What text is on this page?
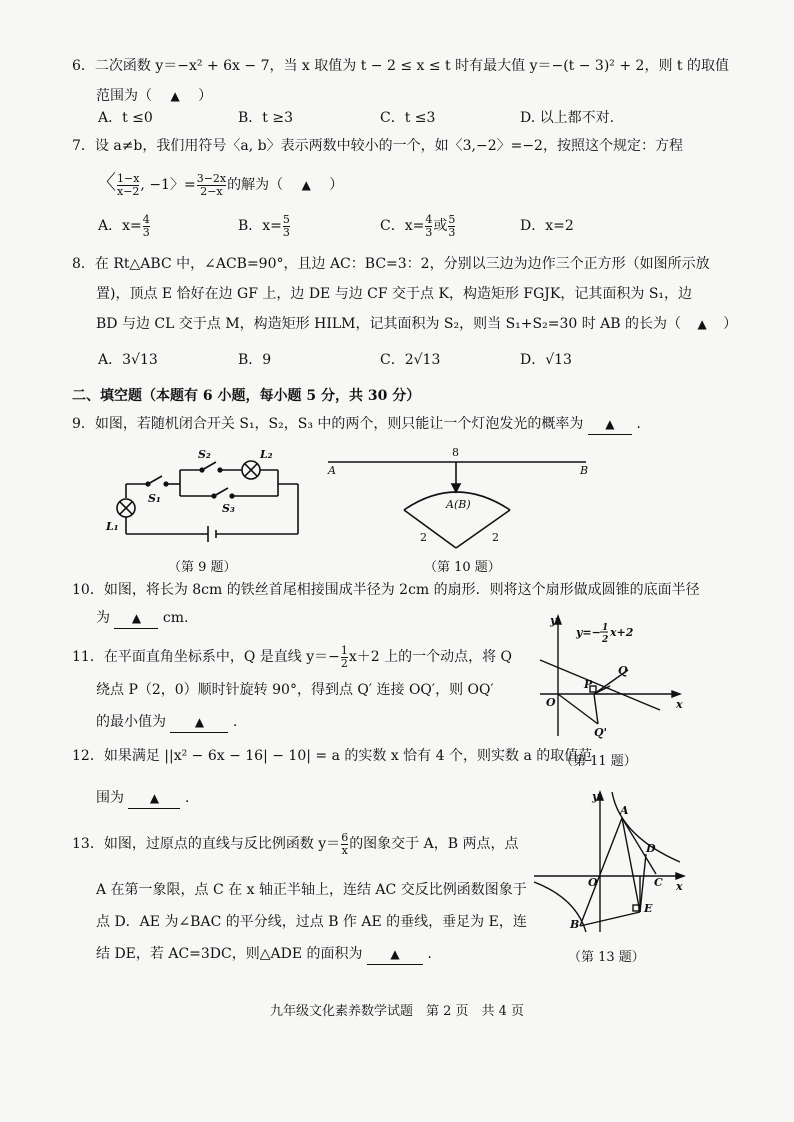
6．二次函数 y＝−x² + 6x − 7，当 x 取值为 t − 2 ≤ x ≤ t 时有最大值 y＝−(t − 3)² + 2，则 t 的取值
范围为（ ▲ ）
A．t ≤0	B．t ≥3	C．t ≤3	D. 以上都不对.
7．设 a≠b，我们用符号〈a, b〉表示两数中较小的一个，如〈3,−2〉=−2，按照这个规定：方程
〈 $\frac{1-x}{x-2}$ , −1〉= $\frac{3-2x}{2-x}$ 的解为（ ▲ ）
A．$x= \frac{4}{3}$	B．$x= \frac{5}{3}$	C．$x= \frac{4}{3}$ 或 $\frac{5}{3}$	D．x=2
8．在 Rt△ABC 中，∠ACB=90°，且边 AC：BC=3：2，分别以三边为边作三个正方形（如图所示放
置)，顶点 E 恰好在边 GF 上，边 DE 与边 CF 交于点 K，构造矩形 FGJK，记其面积为 S₁，边
BD 与边 CL 交于点 M，构造矩形 HILM，记其面积为 S₂，则当 S₁+S₂=30 时 AB 的长为（ ▲ ）
A．3√13	B．9	C．2√13	D．√13
二、填空题（本题有 6 小题，每小题 5 分，共 30 分）
9．如图，若随机闭合开关 S₁，S₂，S₃ 中的两个，则只能让一个灯泡发光的概率为 ▲ .
S₂	L₂
S₁
S₃
L₁
（第 9 题）
A	B
8
A(B)
2	2
（第 10 题）
10．如图，将长为 8cm 的铁丝首尾相接围成半径为 2cm 的扇形．则将这个扇形做成圆锥的底面半径
为 ▲ cm.
11．在平面直角坐标系中，Q 是直线 $y=- \frac{1}{2} x+2$ 上的一个动点，将 Q
绕点 P（2，0）顺时针旋转 90°，得到点 Q′ 连接 OQ′，则 OQ′
的最小值为 ▲ .
y
x
O
P
Q
Q'
y=− 1
2
x+2
（第 11 题）
12．如果满足 ||x² − 6x − 16| − 10| = a 的实数 x 恰有 4 个，则实数 a 的取值范
围为 ▲ .
13．如图，过原点的直线与反比例函数 $y= \frac{6}{x}$ 的图象交于 A，B 两点，点
A 在第一象限，点 C 在 x 轴正半轴上，连结 AC 交反比例函数图象于
点 D．AE 为∠BAC 的平分线，过点 B 作 AE 的垂线，垂足为 E，连
结 DE，若 AC=3DC，则△ADE 的面积为 ▲ .
y
x
A
B
C
D
E
O
（第 13 题）
九年级文化素养数学试题　第 2 页　共 4 页
